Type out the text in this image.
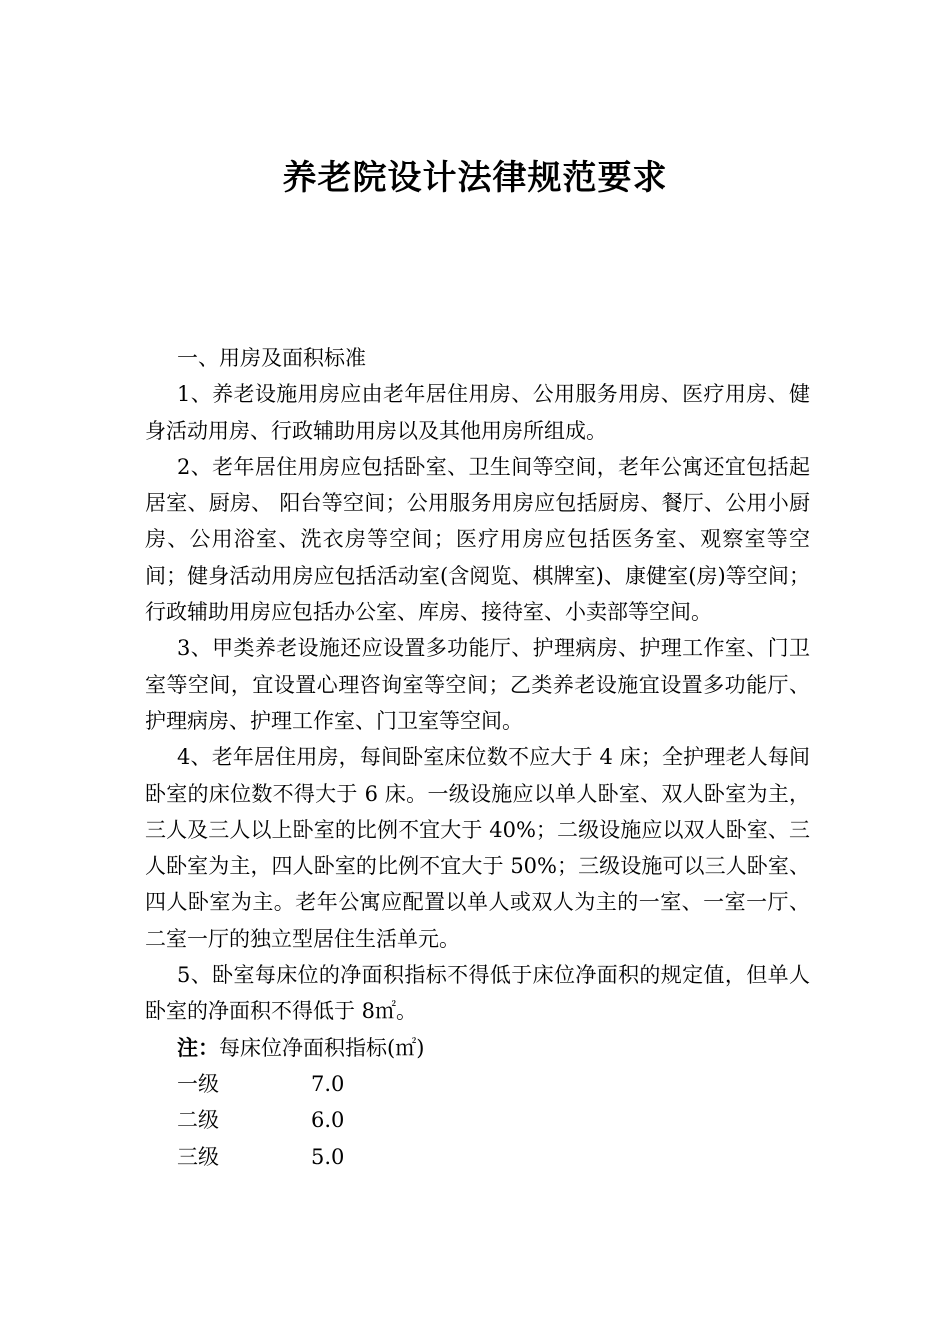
养老院设计法律规范要求

一、用房及面积标准

1、养老设施用房应由老年居住用房、公用服务用房、医疗用房、健身活动用房、行政辅助用房以及其他用房所组成。

2、老年居住用房应包括卧室、卫生间等空间，老年公寓还宜包括起居室、厨房、 阳台等空间；公用服务用房应包括厨房、餐厅、公用小厨房、公用浴室、洗衣房等空间；医疗用房应包括医务室、观察室等空间；健身活动用房应包括活动室(含阅览、棋牌室)、康健室(房)等空间；行政辅助用房应包括办公室、库房、接待室、小卖部等空间。

3、甲类养老设施还应设置多功能厅、护理病房、护理工作室、门卫室等空间，宜设置心理咨询室等空间；乙类养老设施宜设置多功能厅、护理病房、护理工作室、门卫室等空间。

4、老年居住用房，每间卧室床位数不应大于 4 床；全护理老人每间卧室的床位数不得大于 6 床。一级设施应以单人卧室、双人卧室为主，三人及三人以上卧室的比例不宜大于 40%；二级设施应以双人卧室、三人卧室为主，四人卧室的比例不宜大于 50%；三级设施可以三人卧室、四人卧室为主。老年公寓应配置以单人或双人为主的一室、一室一厅、二室一厅的独立型居住生活单元。

5、卧室每床位的净面积指标不得低于床位净面积的规定值，但单人卧室的净面积不得低于 8㎡。

注：每床位净面积指标(㎡)

一级	7.0
二级	6.0
三级	5.0
